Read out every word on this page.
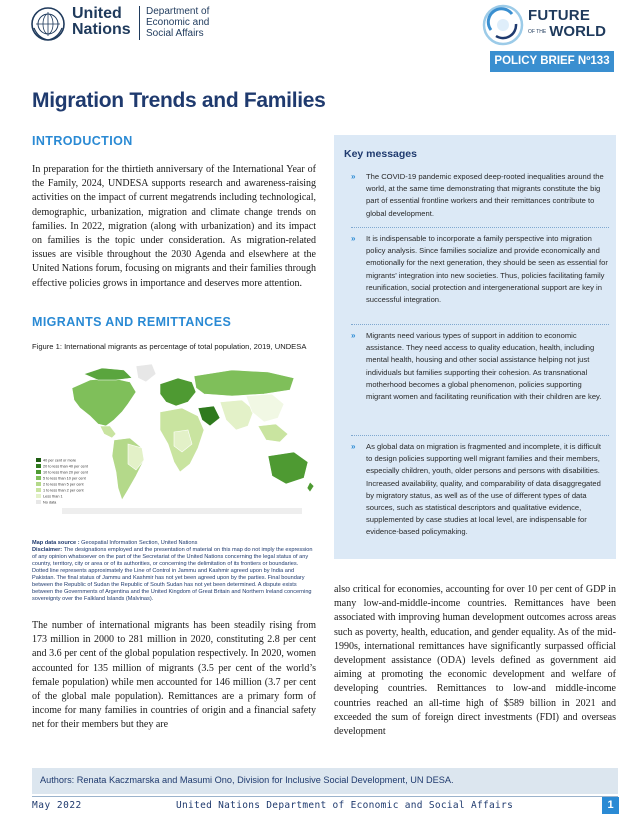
United
Nations
Department of
Economic and
Social Affairs
FUTURE
OF THE WORLD
POLICY BRIEF Nº133
Migration Trends and Families
INTRODUCTION

In preparation for the thirtieth anniversary of the International Year of the Family, 2024, UNDESA supports research and awareness-raising activities on the impact of current megatrends including technological, demographic, urbanization, migration and climate change trends on families. In 2022, migration (along with urbanization) and its impact on families is the topic under consideration. As migration-related issues are visible throughout the 2030 Agenda and elsewhere at the United Nations forum, focusing on migrants and their families through effective policies grows in importance and deserves more attention.

MIGRANTS AND REMITTANCES
Figure 1: International migrants as percentage of total population, 2019, UNDESA
40 per cent or more
20 to less than 40 per cent
10 to less than 20 per cent
5 to less than 10 per cent
2 to less than 5 per cent
1 to less than 2 per cent
Less than 1
No data
Map data source : Geospatial Information Section, United Nations
Disclaimer: The designations employed and the presentation of material on this map do not imply the expression of any opinion whatsoever on the part of the Secretariat of the United Nations concerning the legal status of any country, territory, city or area or of its authorities, or concerning the delimitation of its frontiers or boundaries. Dotted line represents approximately the Line of Control in Jammu and Kashmir agreed upon by India and Pakistan. The final status of Jammu and Kashmir has not yet been agreed upon by the parties. Final boundary between the Republic of Sudan the Republic of South Sudan has not yet been determined. A dispute exists between the Governments of Argentina and the United Kingdom of Great Britain and Northern Ireland concerning sovereignty over the Falkland Islands (Malvinas).

The number of international migrants has been steadily rising from 173 million in 2000 to 281 million in 2020, constituting 2.8 per cent and 3.6 per cent of the global population respectively. In 2020, women accounted for 135 million of migrants (3.5 per cent of the world’s female population) while men accounted for 146 million (3.7 per cent of the global male population). Remittances are a primary form of income for many families in countries of origin and a financial safety net for their members but they are

Key messages
» The COVID-19 pandemic exposed deep-rooted inequalities around the world, at the same time demonstrating that migrants constitute the big part of essential frontline workers and their remittances contribute to global development.
» It is indispensable to incorporate a family perspective into migration policy analysis. Since families socialize and provide economically and emotionally for the next generation, they should be seen as essential for migrants’ integration into new societies. Thus, policies facilitating family reunification, social protection and intergenerational support are key in successful integration.
» Migrants need various types of support in addition to economic assistance. They need access to quality education, health, including mental health, housing and other social assistance helping not just individuals but families supporting their cohesion. As transnational motherhood becomes a global phenomenon, policies supporting migrant women and facilitating reunification with their children are key.
» As global data on migration is fragmented and incomplete, it is difficult to design policies supporting well migrant families and their members, especially children, youth, older persons and persons with disabilities. Increased availability, quality, and comparability of data disaggregated by migratory status, as well as of the use of different types of data sources, such as statistical descriptors and qualitative evidence, supplemented by case studies at local level, are indispensable for evidence-based policymaking.

also critical for economies, accounting for over 10 per cent of GDP in many low-and-middle-income countries. Remittances have been associated with improving human development outcomes across areas such as poverty, health, education, and gender equality. As of the mid-1990s, international remittances have significantly surpassed official development assistance (ODA) levels defined as government aid aiming at promoting the economic development and welfare of developing countries. Remittances to low-and middle-income countries reached an all-time high of $589 billion in 2021 and exceeded the sum of foreign direct investments (FDI) and overseas development

Authors: Renata Kaczmarska and Masumi Ono, Division for Inclusive Social Development, UN DESA.
May 2022	United Nations Department of Economic and Social Affairs	1
